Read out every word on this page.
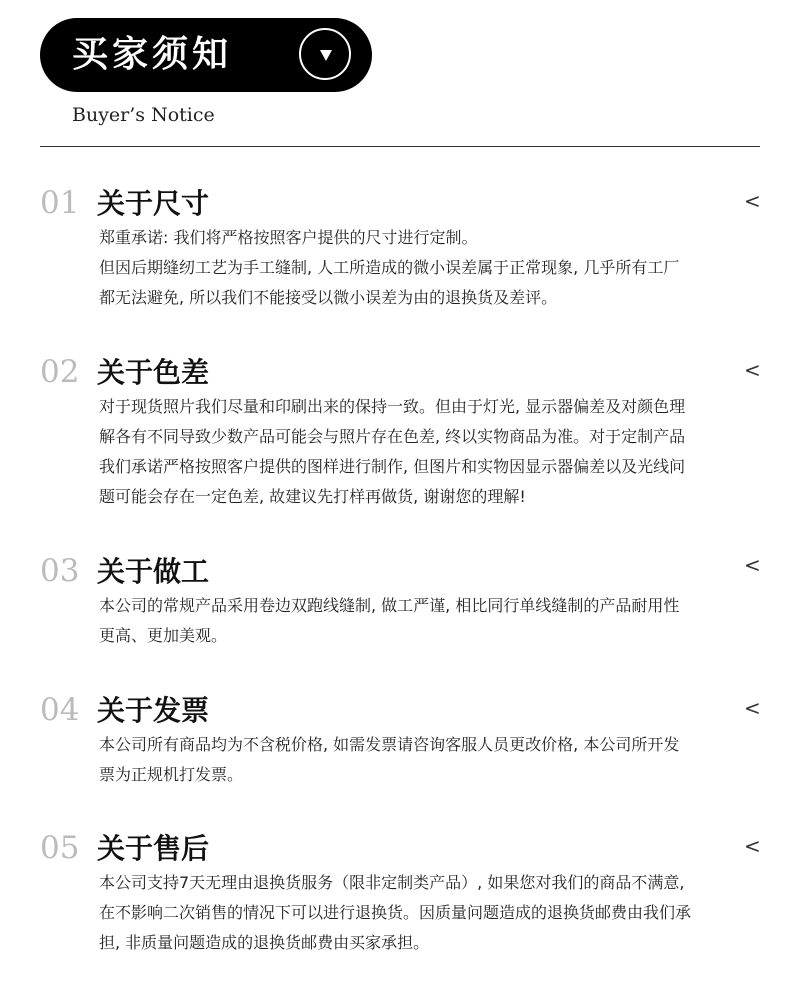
买家须知
Buyer’s Notice
01 关于尺寸	<
郑重承诺: 我们将严格按照客户提供的尺寸进行定制。
但因后期缝纫工艺为手工缝制, 人工所造成的微小误差属于正常现象, 几乎所有工厂
都无法避免, 所以我们不能接受以微小误差为由的退换货及差评。
02 关于色差	<
对于现货照片我们尽量和印刷出来的保持一致。但由于灯光, 显示器偏差及对颜色理
解各有不同导致少数产品可能会与照片存在色差, 终以实物商品为准。对于定制产品
我们承诺严格按照客户提供的图样进行制作, 但图片和实物因显示器偏差以及光线问
题可能会存在一定色差, 故建议先打样再做货, 谢谢您的理解!
03 关于做工	<
本公司的常规产品采用卷边双跑线缝制, 做工严谨, 相比同行单线缝制的产品耐用性
更高、更加美观。
04 关于发票	<
本公司所有商品均为不含税价格, 如需发票请咨询客服人员更改价格, 本公司所开发
票为正规机打发票。
05 关于售后	<
本公司支持7天无理由退换货服务（限非定制类产品）, 如果您对我们的商品不满意,
在不影响二次销售的情况下可以进行退换货。因质量问题造成的退换货邮费由我们承
担, 非质量问题造成的退换货邮费由买家承担。
